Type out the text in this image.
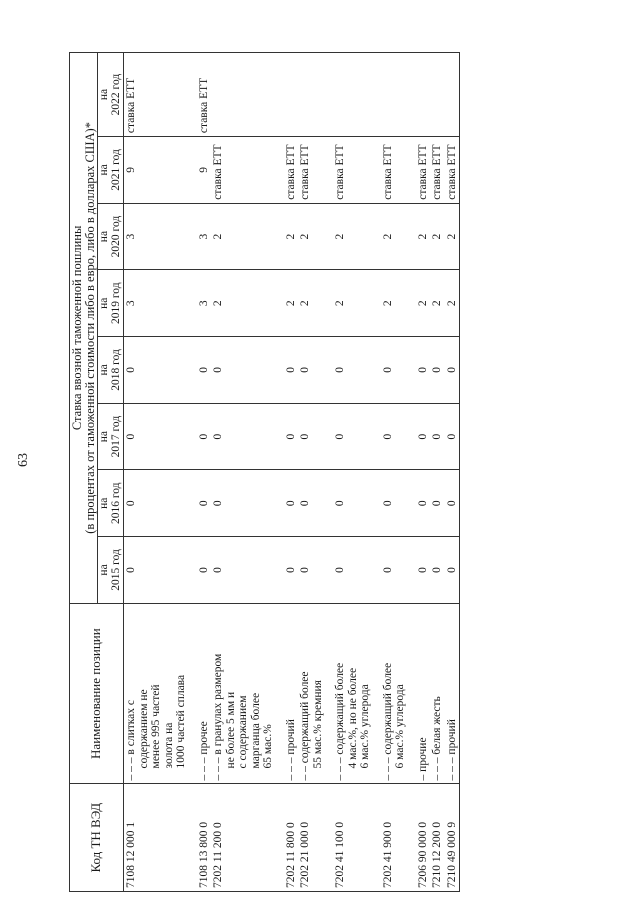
63
Код ТН ВЭД	Наименование позиции	Ставка ввозной таможенной пошлины
(в процентах от таможенной стоимости либо в евро, либо в долларах США)*							

		на 2015 год	на 2016 год	на 2017 год	на 2018 год	на 2019 год	на 2020 год	на 2021 год	на 2022 год

7108 12 000 1	– – – в слитках с содержанием не менее 995 частей золота на 1000 частей сплава	0	0	0	0	3	3	9	ставка ЕТТ

7108 13 800 0	– – – прочее	0	0	0	0	3	3	9	ставка ЕТТ
7202 11 200 0	– – – в гранулах размером не более 5 мм и с содержанием марганца более 65 мас.%	0	0	0	0	2	2	ставка ЕТТ	

7202 11 800 0	– – – прочий	0	0	0	0	2	2	ставка ЕТТ	
7202 21 000 0	– – содержащий более 55 мас.% кремния	0	0	0	0	2	2	ставка ЕТТ	

7202 41 100 0	– – – содержащий более 4 мас.%, но не более 6 мас.% углерода	0	0	0	0	2	2	ставка ЕТТ	

7202 41 900 0	– – – содержащий более 6 мас.% углерода	0	0	0	0	2	2	ставка ЕТТ	

7206 90 000 0	– прочие	0	0	0	0	2	2	ставка ЕТТ	
7210 12 200 0	– – – белая жесть	0	0	0	0	2	2	ставка ЕТТ	
7210 49 000 9	– – – прочий	0	0	0	0	2	2	ставка ЕТТ	
